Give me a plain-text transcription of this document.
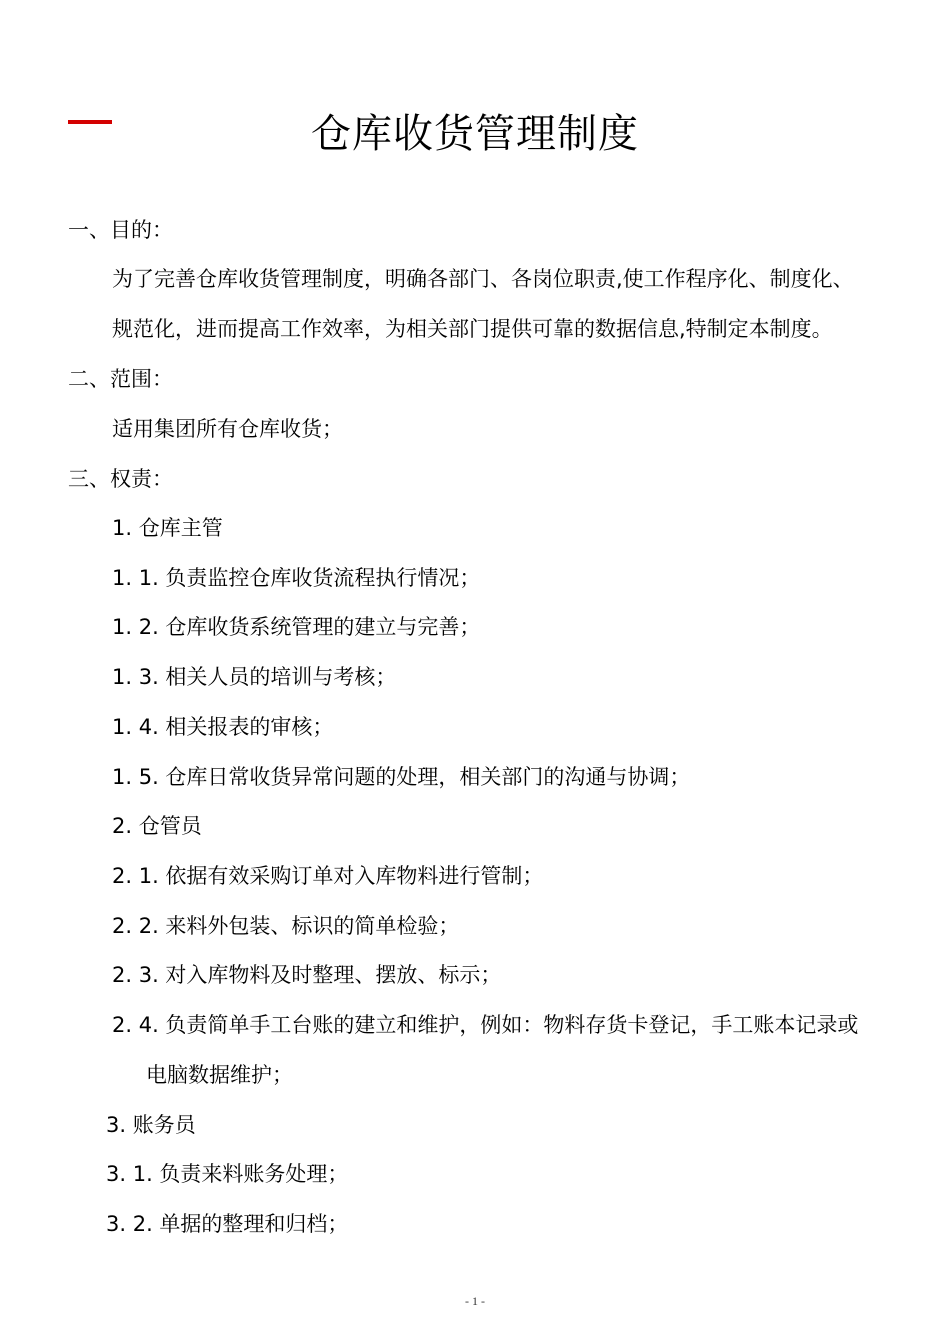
仓库收货管理制度
一、目的：
为了完善仓库收货管理制度，明确各部门、各岗位职责,使工作程序化、制度化、
规范化，进而提高工作效率，为相关部门提供可靠的数据信息,特制定本制度。
二、范围：
适用集团所有仓库收货；
三、权责：
1. 仓库主管
1. 1. 负责监控仓库收货流程执行情况；
1. 2. 仓库收货系统管理的建立与完善；
1. 3. 相关人员的培训与考核；
1. 4. 相关报表的审核；
1. 5. 仓库日常收货异常问题的处理，相关部门的沟通与协调；
2. 仓管员
2. 1. 依据有效采购订单对入库物料进行管制；
2. 2. 来料外包装、标识的简单检验；
2. 3. 对入库物料及时整理、摆放、标示；
2. 4. 负责简单手工台账的建立和维护，例如：物料存货卡登记，手工账本记录或
电脑数据维护；
3. 账务员
3. 1. 负责来料账务处理；
3. 2. 单据的整理和归档；
- 1 -
